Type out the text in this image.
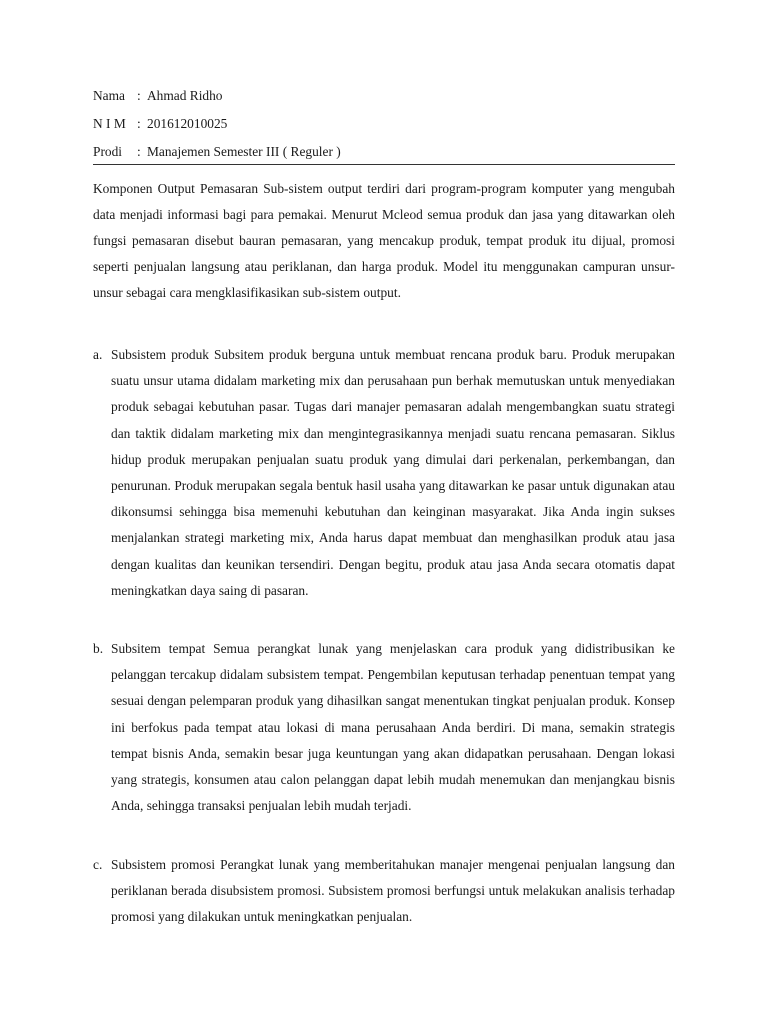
Nama : Ahmad Ridho
N I M : 201612010025
Prodi : Manajemen Semester III ( Reguler )

Komponen Output Pemasaran Sub-sistem output terdiri dari program-program komputer yang mengubah data menjadi informasi bagi para pemakai. Menurut Mcleod semua produk dan jasa yang ditawarkan oleh fungsi pemasaran disebut bauran pemasaran, yang mencakup produk, tempat produk itu dijual, promosi seperti penjualan langsung atau periklanan, dan harga produk. Model itu menggunakan campuran unsur-unsur sebagai cara mengklasifikasikan sub-sistem output.

a. Subsistem produk Subsitem produk berguna untuk membuat rencana produk baru. Produk merupakan suatu unsur utama didalam marketing mix dan perusahaan pun berhak memutuskan untuk menyediakan produk sebagai kebutuhan pasar. Tugas dari manajer pemasaran adalah mengembangkan suatu strategi dan taktik didalam marketing mix dan mengintegrasikannya menjadi suatu rencana pemasaran. Siklus hidup produk merupakan penjualan suatu produk yang dimulai dari perkenalan, perkembangan, dan penurunan. Produk merupakan segala bentuk hasil usaha yang ditawarkan ke pasar untuk digunakan atau dikonsumsi sehingga bisa memenuhi kebutuhan dan keinginan masyarakat. Jika Anda ingin sukses menjalankan strategi marketing mix, Anda harus dapat membuat dan menghasilkan produk atau jasa dengan kualitas dan keunikan tersendiri. Dengan begitu, produk atau jasa Anda secara otomatis dapat meningkatkan daya saing di pasaran.
b. Subsitem tempat Semua perangkat lunak yang menjelaskan cara produk yang didistribusikan ke pelanggan tercakup didalam subsistem tempat. Pengembilan keputusan terhadap penentuan tempat yang sesuai dengan pelemparan produk yang dihasilkan sangat menentukan tingkat penjualan produk. Konsep ini berfokus pada tempat atau lokasi di mana perusahaan Anda berdiri. Di mana, semakin strategis tempat bisnis Anda, semakin besar juga keuntungan yang akan didapatkan perusahaan. Dengan lokasi yang strategis, konsumen atau calon pelanggan dapat lebih mudah menemukan dan menjangkau bisnis Anda, sehingga transaksi penjualan lebih mudah terjadi.
c. Subsistem promosi Perangkat lunak yang memberitahukan manajer mengenai penjualan langsung dan periklanan berada disubsistem promosi. Subsistem promosi berfungsi untuk melakukan analisis terhadap promosi yang dilakukan untuk meningkatkan penjualan.
